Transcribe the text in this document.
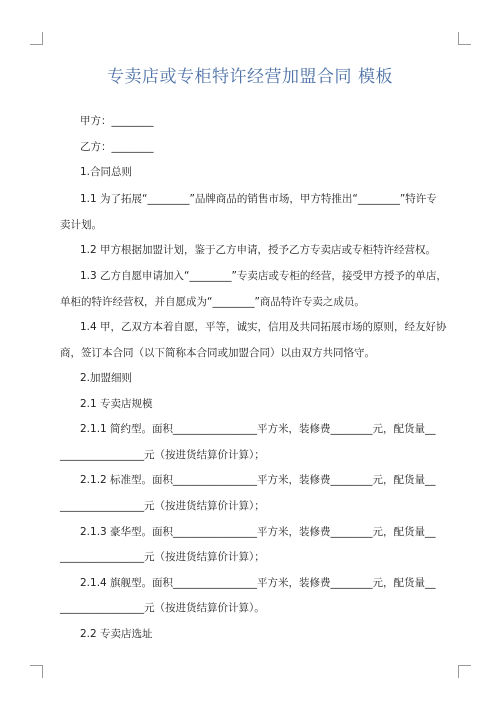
专卖店或专柜特许经营加盟合同 模板
甲方：________
乙方：________
1.合同总则
1.1 为了拓展“________”品牌商品的销售市场，甲方特推出“________”特许专
卖计划。
1.2 甲方根据加盟计划，鉴于乙方申请，授予乙方专卖店或专柜特许经营权。
1.3 乙方自愿申请加入“________”专卖店或专柜的经营，接受甲方授予的单店，
单柜的特许经营权，并自愿成为“________”商品特许专卖之成员。
1.4 甲，乙双方本着自愿，平等，诚实，信用及共同拓展市场的原则，经友好协
商，签订本合同（以下简称本合同或加盟合同）以由双方共同恪守。
2.加盟细则
2.1 专卖店规模
2.1.1 简约型。面积________________平方米，装修费________元，配货量__
________________元（按进货结算价计算）；
2.1.2 标准型。面积________________平方米，装修费________元，配货量__
________________元（按进货结算价计算）；
2.1.3 豪华型。面积________________平方米，装修费________元，配货量__
________________元（按进货结算价计算）；
2.1.4 旗舰型。面积________________平方米，装修费________元，配货量__
________________元（按进货结算价计算）。
2.2 专卖店选址
